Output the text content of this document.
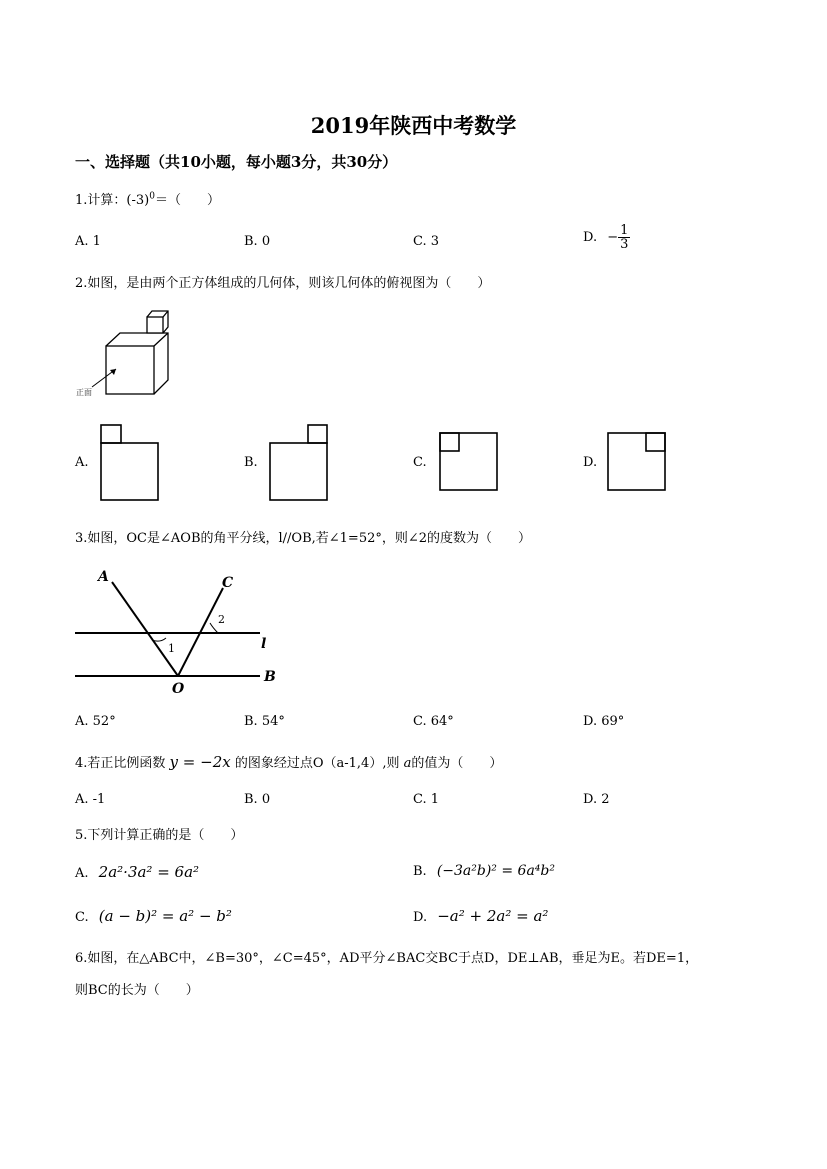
2019年陕西中考数学
一、选择题（共10小题，每小题3分，共30分）
1.计算：$(-3)^0=$（　　）
A. 1	B. 0	C. 3	D. − $\frac{1}{3}$
2.如图，是由两个正方体组成的几何体，则该几何体的俯视图为（　　）
正面
A.	B.	C.	D.
3.如图，OC是∠AOB的角平分线，l//OB,若∠1=52°，则∠2的度数为（　　）
A	C
O
B
l
1
2
A. 52°	B. 54°	C. 64°	D. 69°
4.若正比例函数 y = −2x 的图象经过点O（a-1,4）,则 a的值为（　　）
A. -1	B. 0	C. 1	D. 2
5.下列计算正确的是（　　）
A. 2a²·3a² = 6a²	B. (−3a²b)² = 6a⁴b²
C. (a − b)² = a² − b²	D. −a² + 2a² = a²
6.如图，在△ABC中，∠B=30°，∠C=45°，AD平分∠BAC交BC于点D，DE⊥AB，垂足为E。若DE=1，
则BC的长为（　　）
